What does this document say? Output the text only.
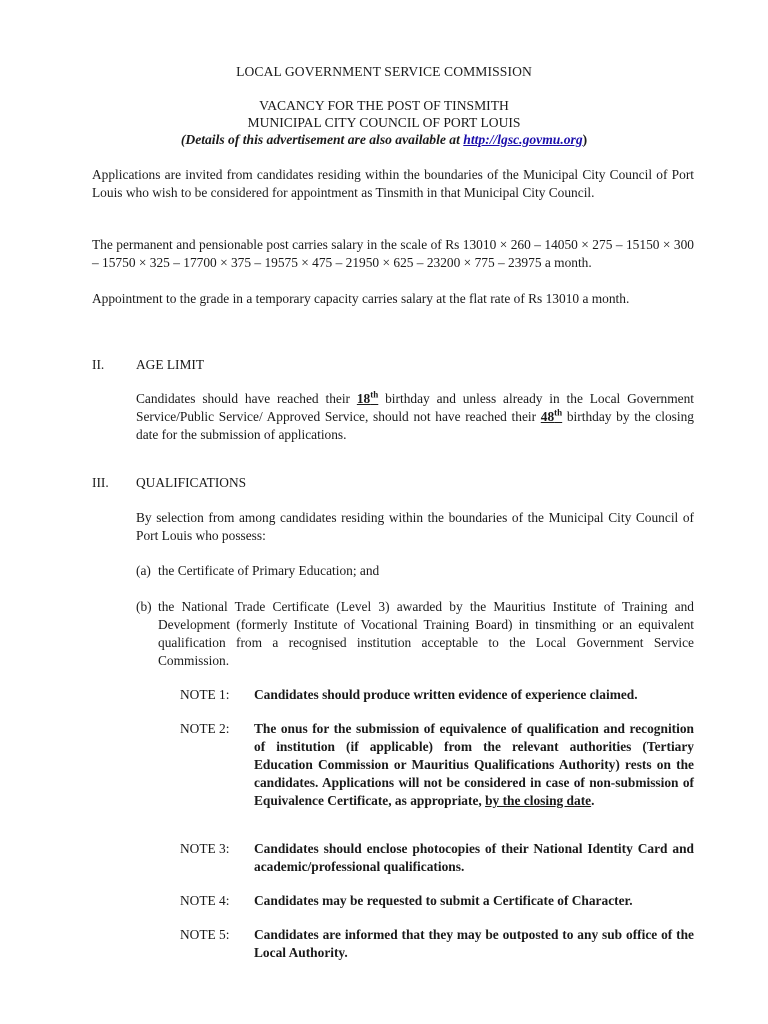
LOCAL GOVERNMENT SERVICE COMMISSION
VACANCY FOR THE POST OF TINSMITH
MUNICIPAL CITY COUNCIL OF PORT LOUIS
(Details of this advertisement are also available at http://lgsc.govmu.org)
Applications are invited from candidates residing within the boundaries of the Municipal City Council of Port Louis who wish to be considered for appointment as Tinsmith in that Municipal City Council.
The permanent and pensionable post carries salary in the scale of Rs 13010 × 260 – 14050 × 275 – 15150 × 300 – 15750 × 325 – 17700 × 375 – 19575 × 475 – 21950 × 625 – 23200 × 775 – 23975 a month.
Appointment to the grade in a temporary capacity carries salary at the flat rate of Rs 13010 a month.
II. AGE LIMIT
Candidates should have reached their 18th birthday and unless already in the Local Government Service/Public Service/ Approved Service, should not have reached their 48th birthday by the closing date for the submission of applications.
III. QUALIFICATIONS
By selection from among candidates residing within the boundaries of the Municipal City Council of Port Louis who possess:
(a) the Certificate of Primary Education; and
(b) the National Trade Certificate (Level 3) awarded by the Mauritius Institute of Training and Development (formerly Institute of Vocational Training Board) in tinsmithing or an equivalent qualification from a recognised institution acceptable to the Local Government Service Commission.
NOTE 1: Candidates should produce written evidence of experience claimed.
NOTE 2: The onus for the submission of equivalence of qualification and recognition of institution (if applicable) from the relevant authorities (Tertiary Education Commission or Mauritius Qualifications Authority) rests on the candidates. Applications will not be considered in case of non-submission of Equivalence Certificate, as appropriate, by the closing date.
NOTE 3: Candidates should enclose photocopies of their National Identity Card and academic/professional qualifications.
NOTE 4: Candidates may be requested to submit a Certificate of Character.
NOTE 5: Candidates are informed that they may be outposted to any sub office of the Local Authority.
